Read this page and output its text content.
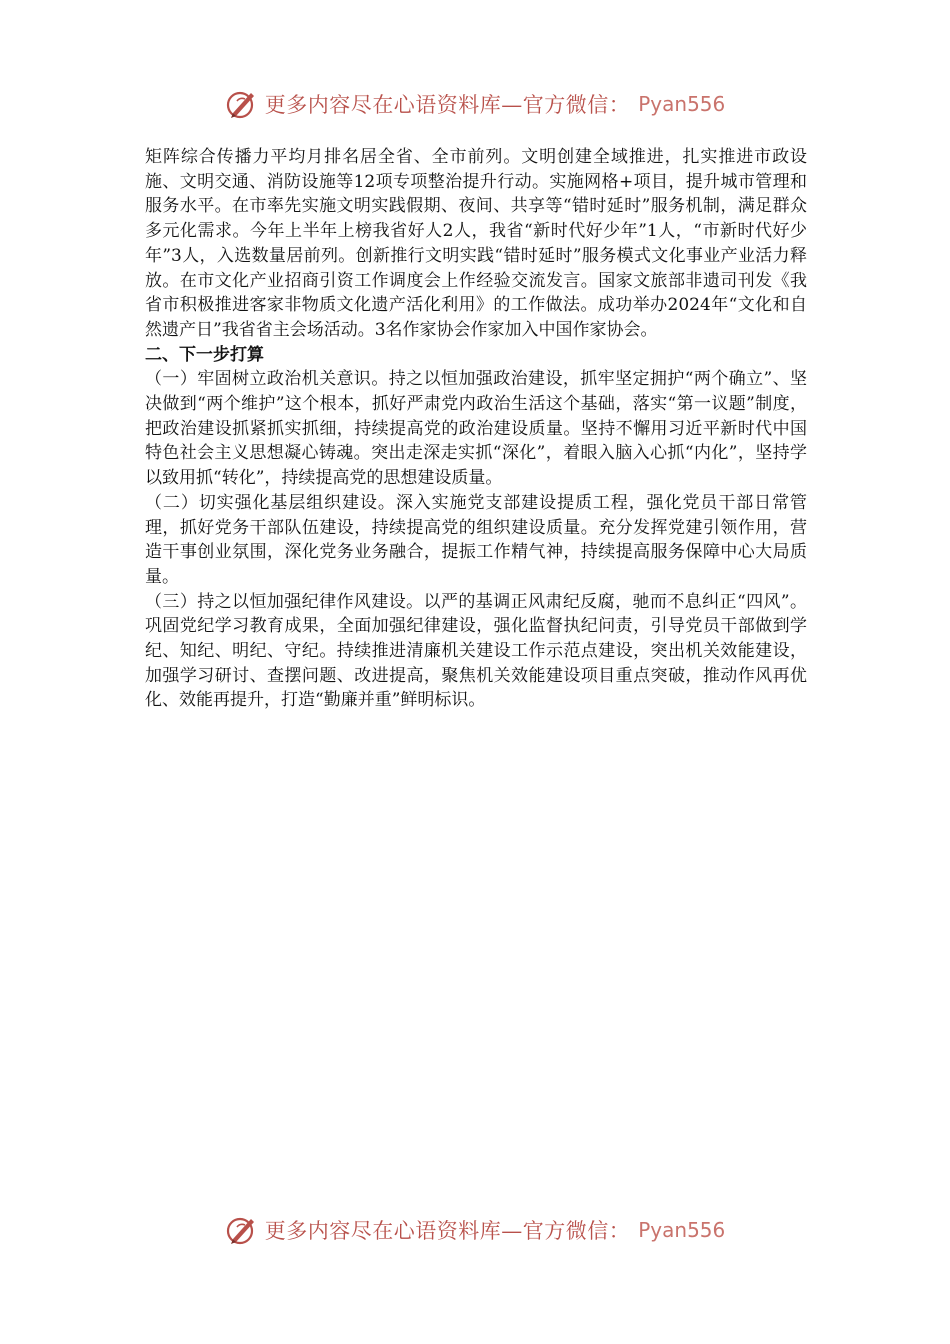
更多内容尽在心语资料库—官方微信： Pyan556

矩阵综合传播力平均月排名居全省、全市前列。文明创建全域推进，扎实推进市政设施、文明交通、消防设施等12项专项整治提升行动。实施网格+项目，提升城市管理和服务水平。在市率先实施文明实践假期、夜间、共享等“错时延时”服务机制，满足群众多元化需求。今年上半年上榜我省好人2人，我省“新时代好少年”1人，“市新时代好少年”3人，入选数量居前列。创新推行文明实践“错时延时”服务模式文化事业产业活力释放。在市文化产业招商引资工作调度会上作经验交流发言。国家文旅部非遗司刊发《我省市积极推进客家非物质文化遗产活化利用》的工作做法。成功举办2024年“文化和自然遗产日”我省省主会场活动。3名作家协会作家加入中国作家协会。

二、下一步打算

（一）牢固树立政治机关意识。持之以恒加强政治建设，抓牢坚定拥护“两个确立”、坚决做到“两个维护”这个根本，抓好严肃党内政治生活这个基础，落实“第一议题”制度，把政治建设抓紧抓实抓细，持续提高党的政治建设质量。坚持不懈用习近平新时代中国特色社会主义思想凝心铸魂。突出走深走实抓“深化”，着眼入脑入心抓“内化”，坚持学以致用抓“转化”，持续提高党的思想建设质量。

（二）切实强化基层组织建设。深入实施党支部建设提质工程，强化党员干部日常管理，抓好党务干部队伍建设，持续提高党的组织建设质量。充分发挥党建引领作用，营造干事创业氛围，深化党务业务融合，提振工作精气神，持续提高服务保障中心大局质量。

（三）持之以恒加强纪律作风建设。以严的基调正风肃纪反腐，驰而不息纠正“四风”。巩固党纪学习教育成果，全面加强纪律建设，强化监督执纪问责，引导党员干部做到学纪、知纪、明纪、守纪。持续推进清廉机关建设工作示范点建设，突出机关效能建设，加强学习研讨、查摆问题、改进提高，聚焦机关效能建设项目重点突破，推动作风再优化、效能再提升，打造“勤廉并重”鲜明标识。

更多内容尽在心语资料库—官方微信： Pyan556
